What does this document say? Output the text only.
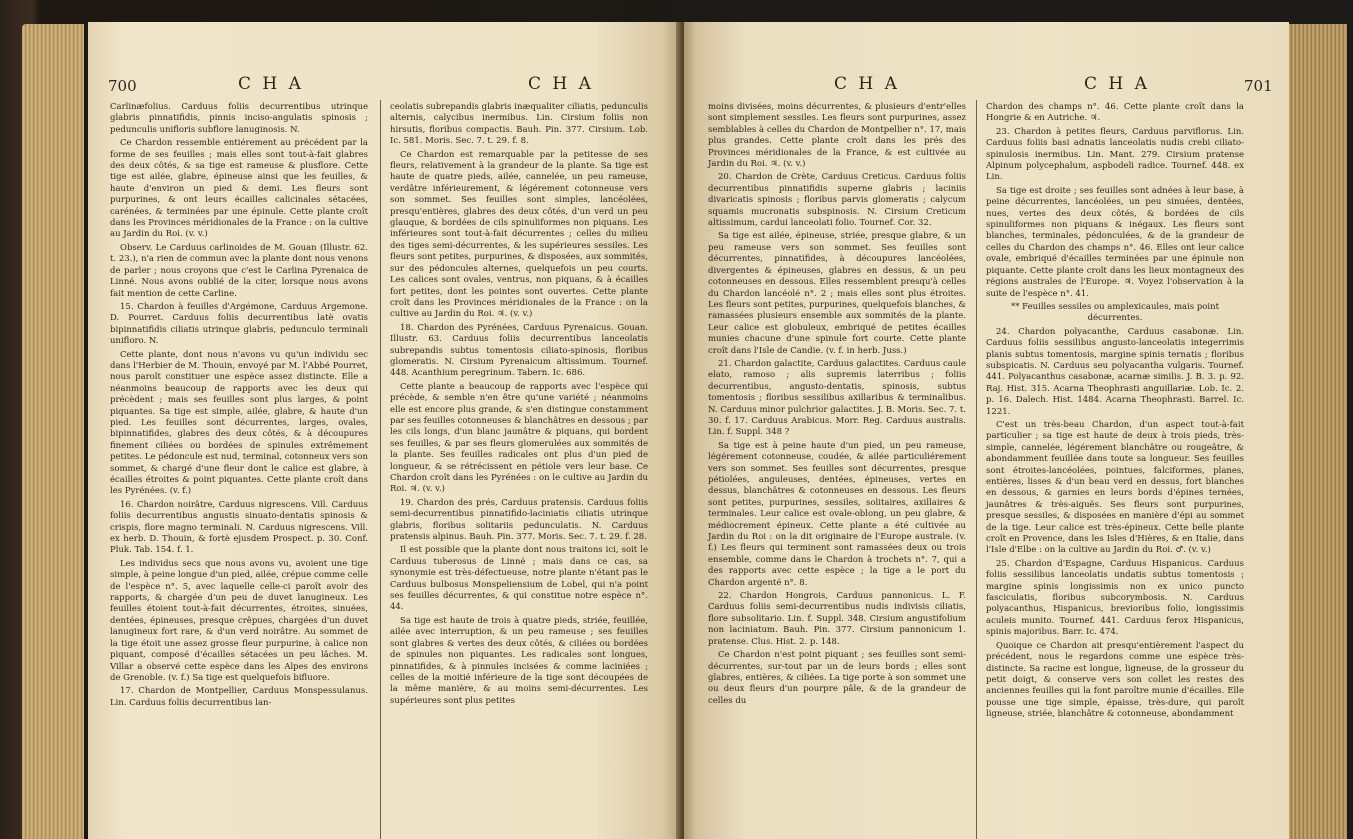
700	C H A	C H A

Carlinæfolius. Carduus foliis decurrentibus utrinque glabris pinnatifidis, pinnis inciso-angulatis spinosis ; pedunculis uniflоris subflore lanuginosis. N.

Ce Chardon ressemble entiérement au précédent par la forme de ses feuilles ; mais elles sont tout-à-fait glabres des deux côtés, & sa tige est rameuse & plusflore. Cette tige est ailée, glabre, épineuse ainsi que les feuilles, & haute d'environ un pied & demi. Les fleurs sont purpurines, & ont leurs écailles calicinales sétacées, carénées, & terminées par une épinule. Cette plante croît dans les Provinces méridionales de la France : on la cultive au Jardin du Roi. (v. v.)

Observ. Le Carduus carlinoides de M. Gouan (Illustr. 62. t. 23.), n'a rien de commun avec la plante dont nous venons de parler ; nous croyons que c'est le Carlina Pyrenaica de Linné. Nous avons oublié de la citer, lorsque nous avons fait mention de cette Carline.

15. Chardon à feuilles d'Argémone, Carduus Argemone. D. Pourret. Carduus foliis decurrentibus latè ovatis bipinnatifidis ciliatis utrinque glabris, pedunculo terminali unifloro. N.

Cette plante, dont nous n'avons vu qu'un individu sec dans l'Herbier de M. Thouin, envoyé par M. l'Abbé Pourret, nous paroît constituer une espèce assez distincte. Elle a néanmoins beaucoup de rapports avec les deux qui précèdent ; mais ses feuilles sont plus larges, & point piquantes. Sa tige est simple, ailée, glabre, & haute d'un pied. Les feuilles sont décurrentes, larges, ovales, bipinnatifides, glabres des deux côtés, & à découpures finement ciliées ou bordées de spinules extrêmement petites. Le pédoncule est nud, terminal, cotonneux vers son sommet, & chargé d'une fleur dont le calice est glabre, à écailles étroites & point piquantes. Cette plante croît dans les Pyrénées. (v. f.)

16. Chardon noirâtre, Carduus nigrescens. Vill. Carduus foliis decurrentibus angustis sinuato-dentatis spinosis & crispis, flore magno terminali. N. Carduus nigrescens. Vill. ex herb. D. Thouin, & fortè ejusdem Prospect. p. 30. Conf. Pluk. Tab. 154. f. 1.

Les individus secs que nous avons vu, avoient une tige simple, à peine longue d'un pied, ailée, crépue comme celle de l'espèce n°. 5, avec laquelle celle-ci paroît avoir des rapports, & chargée d'un peu de duvet lanugineux. Les feuilles étoient tout-à-fait décurrentes, étroites, sinuées, dentées, épineuses, presque crêpues, chargées d'un duvet lanugineux fort rare, & d'un verd noirâtre. Au sommet de la tige étoit une assez grosse fleur purpurine, à calice non piquant, composé d'écailles sétacées un peu lâches. M. Villar a observé cette espèce dans les Alpes des environs de Grenoble. (v. f.) Sa tige est quelquefois bifluore.

17. Chardon de Montpellier, Carduus Monspessulanus. Lin. Carduus foliis decurrentibus lan-

ceolatis subrepandis glabris inæqualiter ciliatis, pedunculis alternis, calycibus inermibus. Lin. Cirsium foliis non hirsutis, floribus compactis. Bauh. Pin. 377. Cirsium. Lob. Ic. 581. Moris. Sec. 7. t. 29. f. 8.

Ce Chardon est remarquable par la petitesse de ses fleurs, relativement à la grandeur de la plante. Sa tige est haute de quatre pieds, ailée, cannelée, un peu rameuse, verdâtre inférieurement, & légérement cotonneuse vers son sommet. Ses feuilles sont simples, lancéolées, presqu'entières, glabres des deux côtés, d'un verd un peu glauque, & bordées de cils spinuliformes non piquans. Les inférieures sont tout-à-fait décurrentes ; celles du milieu des tiges semi-décurrentes, & les supérieures sessiles. Les fleurs sont petites, purpurines, & disposées, aux sommités, sur des pédoncules alternes, quelquefois un peu courts. Les calices sont ovales, ventrus, non piquans, & à écailles fort petites, dont les pointes sont ouvertes. Cette plante croît dans les Provinces méridionales de la France : on la cultive au Jardin du Roi. ♃. (v. v.)

18. Chardon des Pyrénées, Carduus Pyrenaicus. Gouan. Illustr. 63. Carduus foliis decurrentibus lanceolatis subrepandis subtus tomentosis ciliato-spinosis, floribus glomeratis. N. Cirsium Pyrenaicum altissimum. Tournef. 448. Acanthium peregrinum. Tabern. Ic. 686.

Cette plante a beaucoup de rapports avec l'espèce qui précède, & semble n'en être qu'une variété ; néanmoins elle est encore plus grande, & s'en distingue constamment par ses feuilles cotonneuses & blanchâtres en dessous ; par les cils longs, d'un blanc jaunâtre & piquans, qui bordent ses feuilles, & par ses fleurs glomerulées aux sommités de la plante. Ses feuilles radicales ont plus d'un pied de longueur, & se rétrécissent en pétiole vers leur base. Ce Chardon croît dans les Pyrénées : on le cultive au Jardin du Roi. ♃. (v. v.)

19. Chardon des prés, Carduus pratensis. Carduus foliis semi-decurrentibus pinnatifido-laciniatis ciliatis utrinque glabris, floribus solitariis pedunculatis. N. Carduus pratensis alpinus. Bauh. Pin. 377. Moris. Sec. 7. t. 29. f. 28.

Il est possible que la plante dont nous traitons ici, soit le Carduus tuberosus de Linné ; mais dans ce cas, sa synonymie est très-défectueuse, notre plante n'étant pas le Carduus bulbosus Monspeliensium de Lobel, qui n'a point ses feuilles décurrentes, & qui constitue notre espèce n°. 44.

Sa tige est haute de trois à quatre pieds, striée, feuillée, ailée avec interruption, & un peu rameuse ; ses feuilles sont glabres & vertes des deux côtés, & ciliées ou bordées de spinules non piquantes. Les radicales sont longues, pinnatifides, & à pinnules incisées & comme laciniées ; celles de la moitié inférieure de la tige sont découpées de la même manière, & au moins semi-décurrentes. Les supérieures sont plus petites

C H A	C H A	701

moins divisées, moins décurrentes, & plusieurs d'entr'elles sont simplement sessiles. Les fleurs sont purpurines, assez semblables à celles du Chardon de Montpellier n°. 17, mais plus grandes. Cette plante croît dans les prés des Provinces méridionales de la France, & est cultivée au Jardin du Roi. ♃. (v. v.)

20. Chardon de Crète, Carduus Creticus. Carduus foliis decurrentibus pinnatifidis superne glabris ; laciniis divaricatis spinosis ; floribus parvis glomeratis ; calycum squamis mucronatis subspinosis. N. Cirsium Creticum altissimum, carduі lanceolati folio. Tournef. Cor. 32.

Sa tige est ailée, épineuse, striée, presque glabre, & un peu rameuse vers son sommet. Ses feuilles sont décurrentes, pinnatifides, à découpures lancéolées, divergentes & épineuses, glabres en dessus, & un peu cotonneuses en dessous. Elles ressemblent presqu'à celles du Chardon lancéolé n°. 2 ; mais elles sont plus étroites. Les fleurs sont petites, purpurines, quelquefois blanches, & ramassées plusieurs ensemble aux sommités de la plante. Leur calice est globuleux, embriqué de petites écailles munies chacune d'une spinule fort courte. Cette plante croît dans l'Isle de Candie. (v. f. in herb. Juss.)

21. Chardon galactite, Carduus galactites. Carduus caule elato, ramoso ; alis supremis laterribus ; foliis decurrentibus, angusto-dentatis, spinosis, subtus tomentosis ; floribus sessilibus axillaribus & terminalibus. N. Carduus minor pulchrior galactites. J. B. Moris. Sec. 7. t. 30. f. 17. Carduus Arabicus. Morr. Reg. Carduus australis. Lin. f. Suppl. 348 ?

Sa tige est à peine haute d'un pied, un peu rameuse, légérement cotonneuse, coudée, & ailée particuliérement vers son sommet. Ses feuilles sont décurrentes, presque pétiolées, anguleuses, dentées, épineuses, vertes en dessus, blanchâtres & cotonneuses en dessous. Les fleurs sont petites, purpurines, sessiles, solitaires, axillaires & terminales. Leur calice est ovale-oblong, un peu glabre, & médiocrement épineux. Cette plante a été cultivée au Jardin du Roi : on la dit originaire de l'Europe australe. (v. f.) Les fleurs qui terminent sont ramassées deux ou trois ensemble, comme dans le Chardon à trochets n°. 7, qui a des rapports avec cette espèce ; la tige a le port du Chardon argenté n°. 8.

22. Chardon Hongrois, Carduus pannonicus. L. F. Carduus foliis semi-decurrentibus nudis indivisis ciliatis, flore subsolitario. Lin. f. Suppl. 348. Cirsium angustifolium non laciniatum. Bauh. Pin. 377. Cirsium pannonicum 1. pratense. Clus. Hist. 2. p. 148.

Ce Chardon n'est point piquant ; ses feuilles sont semi-décurrentes, sur-tout par un de leurs bords ; elles sont glabres, entières, & ciliées. La tige porte à son sommet une ou deux fleurs d'un pourpre pâle, & de la grandeur de celles du

Chardon des champs n°. 46. Cette plante croît dans la Hongrie & en Autriche. ♃.

23. Chardon à petites fleurs, Carduus parviflorus. Lin. Carduus foliis basi adnatis lanceolatis nudis crebi ciliato-spinulosis inermibus. Lin. Mant. 279. Cirsium pratense Alpinum polycephalum, aspbodeli radice. Tournef. 448. ex Lin.

Sa tige est droite ; ses feuilles sont adnées à leur base, à peine décurrentes, lancéolées, un peu sinuées, dentées, nues, vertes des deux côtés, & bordées de cils spinuliformes non piquans & inégaux. Les fleurs sont blanches, terminales, pédonculées, & de la grandeur de celles du Chardon des champs n°. 46. Elles ont leur calice ovale, embriqué d'écailles terminées par une épinule non piquante. Cette plante croît dans les lieux montagneux des régions australes de l'Europe. ♃. Voyez l'observation à la suite de l'espèce n°. 41.

** Feuilles sessiles ou amplexicaules, mais point décurrentes.

24. Chardon polyacanthe, Carduus casabonæ. Lin. Carduus foliis sessilibus angusto-lanceolatis integerrimis planis subtus tomentosis, margine spinis ternatis ; floribus subspicatis. N. Carduus seu polyacantha vulgaris. Tournef. 441. Polyacanthus casabonæ, acarnæ similis. J. B. 3. p. 92. Raj. Hist. 315. Acarna Theophrasti anguillariæ. Lob. Ic. 2. p. 16. Dalech. Hist. 1484. Acarna Theophrasti. Barrel. Ic. 1221.

C'est un très-beau Chardon, d'un aspect tout-à-fait particulier ; sa tige est haute de deux à trois pieds, très-simple, cannelée, légérement blanchâtre ou rougeâtre, & abondamment feuillée dans toute sa longueur. Ses feuilles sont étroites-lancéolées, pointues, falciformes, planes, entières, lisses & d'un beau verd en dessus, fort blanches en dessous, & garnies en leurs bords d'épines ternées, jaunâtres & très-aiguës. Ses fleurs sont purpurines, presque sessiles, & disposées en manière d'épi au sommet de la tige. Leur calice est très-épineux. Cette belle plante croît en Provence, dans les Isles d'Hières, & en Italie, dans l'Isle d'Elbe : on la cultive au Jardin du Roi. ♂. (v. v.)

25. Chardon d'Espagne, Carduus Hispanicus. Carduus foliis sessilibus lanceolatis undatis subtus tomentosis ; margine spinis longissimis non ex unico puncto fasciculatis, floribus subcorymbosis. N. Carduus polyacanthus, Hispanicus, brevioribus folio, longissimis aculeis munito. Tournef. 441. Carduus ferox Hispanicus, spinis majoribus. Barr. Ic. 474.

Quoique ce Chardon ait presqu'entièrement l'aspect du précédent, nous le regardons comme une espèce très-distincte. Sa racine est longue, ligneuse, de la grosseur du petit doigt, & conserve vers son collet les restes des anciennes feuilles qui la font paroître munie d'écailles. Elle pousse une tige simple, épaisse, très-dure, qui paroît ligneuse, striée, blanchâtre & cotonneuse, abondamment
